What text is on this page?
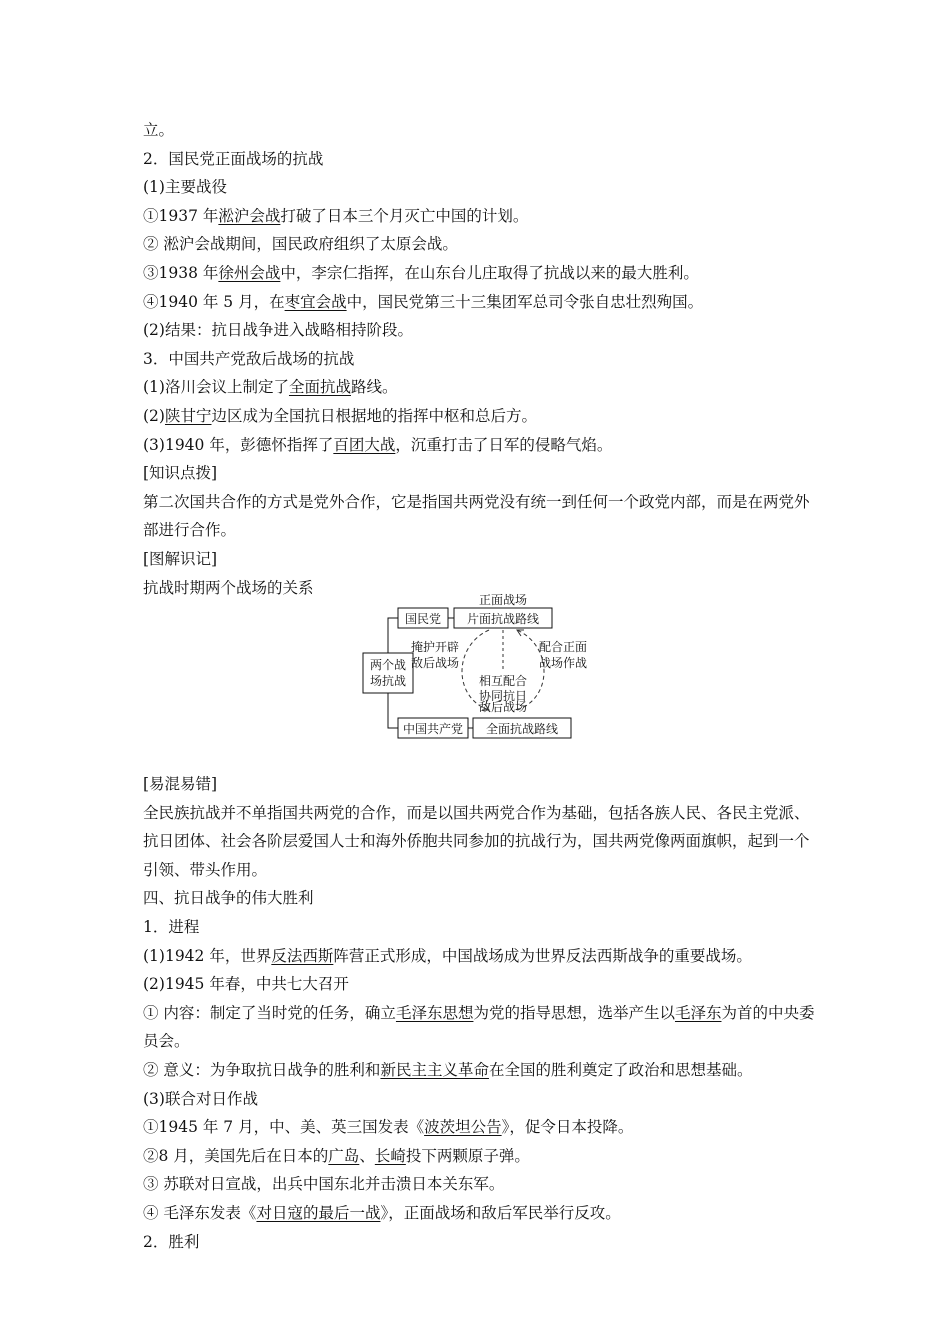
立。
2．国民党正面战场的抗战
(1)主要战役
①1937 年淞沪会战打破了日本三个月灭亡中国的计划。
② 淞沪会战期间，国民政府组织了太原会战。
③1938 年徐州会战中，李宗仁指挥，在山东台儿庄取得了抗战以来的最大胜利。
④1940 年 5 月，在枣宜会战中，国民党第三十三集团军总司令张自忠壮烈殉国。
(2)结果：抗日战争进入战略相持阶段。
3．中国共产党敌后战场的抗战
(1)洛川会议上制定了全面抗战路线。
(2)陕甘宁边区成为全国抗日根据地的指挥中枢和总后方。
(3)1940 年，彭德怀指挥了百团大战，沉重打击了日军的侵略气焰。
[知识点拨]
第二次国共合作的方式是党外合作，它是指国共两党没有统一到任何一个政党内部，而是在两党外部进行合作。
[图解识记]
抗战时期两个战场的关系
两个战
场抗战
国民党 片面抗战路线
正面战场
中国共产党 全面抗战路线
敌后战场
掩护开辟
敌后战场
配合正面
战场作战
相互配合
协同抗日
[易混易错]
全民族抗战并不单指国共两党的合作，而是以国共两党合作为基础，包括各族人民、各民主党派、抗日团体、社会各阶层爱国人士和海外侨胞共同参加的抗战行为，国共两党像两面旗帜，起到一个引领、带头作用。
四、抗日战争的伟大胜利
1．进程
(1)1942 年，世界反法西斯阵营正式形成，中国战场成为世界反法西斯战争的重要战场。
(2)1945 年春，中共七大召开
① 内容：制定了当时党的任务，确立毛泽东思想为党的指导思想，选举产生以毛泽东为首的中央委员会。
② 意义：为争取抗日战争的胜利和新民主主义革命在全国的胜利奠定了政治和思想基础。
(3)联合对日作战
①1945 年 7 月，中、美、英三国发表《波茨坦公告》，促令日本投降。
②8 月，美国先后在日本的广岛、长崎投下两颗原子弹。
③ 苏联对日宣战，出兵中国东北并击溃日本关东军。
④ 毛泽东发表《对日寇的最后一战》，正面战场和敌后军民举行反攻。
2．胜利
